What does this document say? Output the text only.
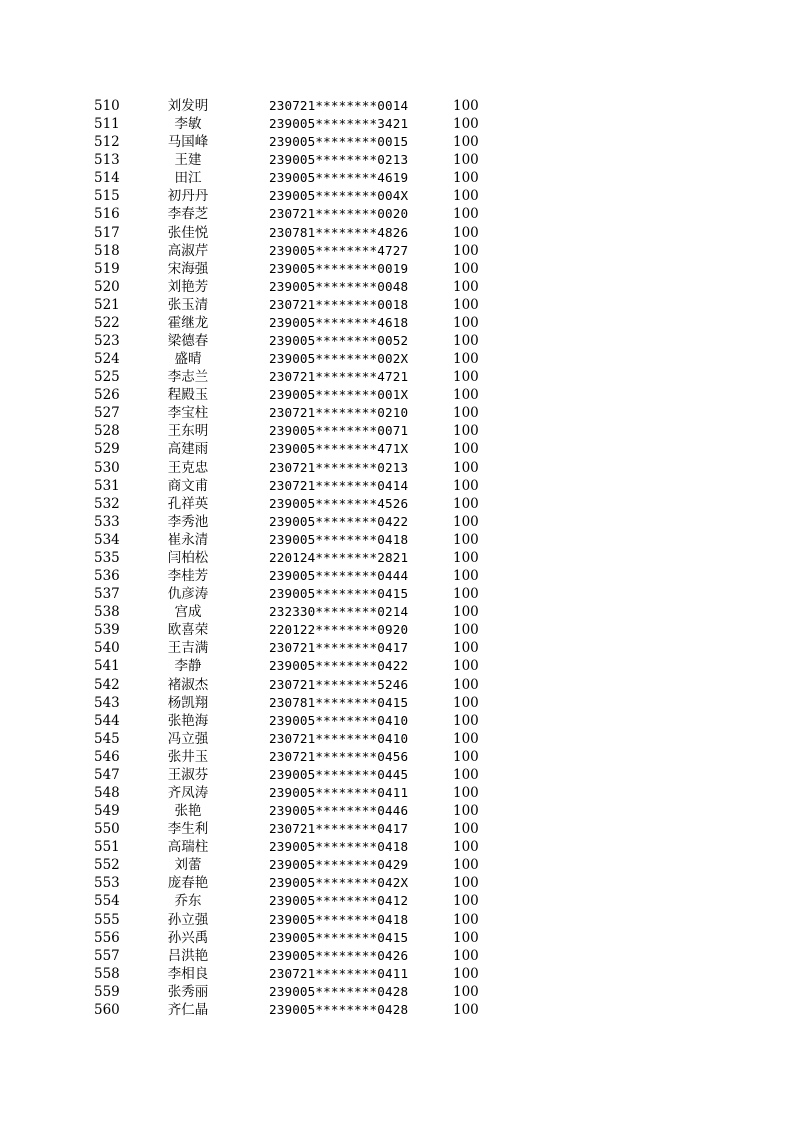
510	刘发明	230721********0014	100
511	李敏	239005********3421	100
512	马国峰	239005********0015	100
513	王建	239005********0213	100
514	田江	239005********4619	100
515	初丹丹	239005********004X	100
516	李春芝	230721********0020	100
517	张佳悦	230781********4826	100
518	高淑芹	239005********4727	100
519	宋海强	239005********0019	100
520	刘艳芳	239005********0048	100
521	张玉清	230721********0018	100
522	霍继龙	239005********4618	100
523	梁德春	239005********0052	100
524	盛晴	239005********002X	100
525	李志兰	230721********4721	100
526	程殿玉	239005********001X	100
527	李宝柱	230721********0210	100
528	王东明	239005********0071	100
529	高建雨	239005********471X	100
530	王克忠	230721********0213	100
531	商文甫	230721********0414	100
532	孔祥英	239005********4526	100
533	李秀池	239005********0422	100
534	崔永清	239005********0418	100
535	闫柏松	220124********2821	100
536	李桂芳	239005********0444	100
537	仇彦涛	239005********0415	100
538	宫成	232330********0214	100
539	欧喜荣	220122********0920	100
540	王吉满	230721********0417	100
541	李静	239005********0422	100
542	褚淑杰	230721********5246	100
543	杨凯翔	230781********0415	100
544	张艳海	239005********0410	100
545	冯立强	230721********0410	100
546	张井玉	230721********0456	100
547	王淑芬	239005********0445	100
548	齐凤涛	239005********0411	100
549	张艳	239005********0446	100
550	李生利	230721********0417	100
551	高瑞柱	239005********0418	100
552	刘蕾	239005********0429	100
553	庞春艳	239005********042X	100
554	乔东	239005********0412	100
555	孙立强	239005********0418	100
556	孙兴禹	239005********0415	100
557	吕洪艳	239005********0426	100
558	李相良	230721********0411	100
559	张秀丽	239005********0428	100
560	齐仁晶	239005********0428	100
